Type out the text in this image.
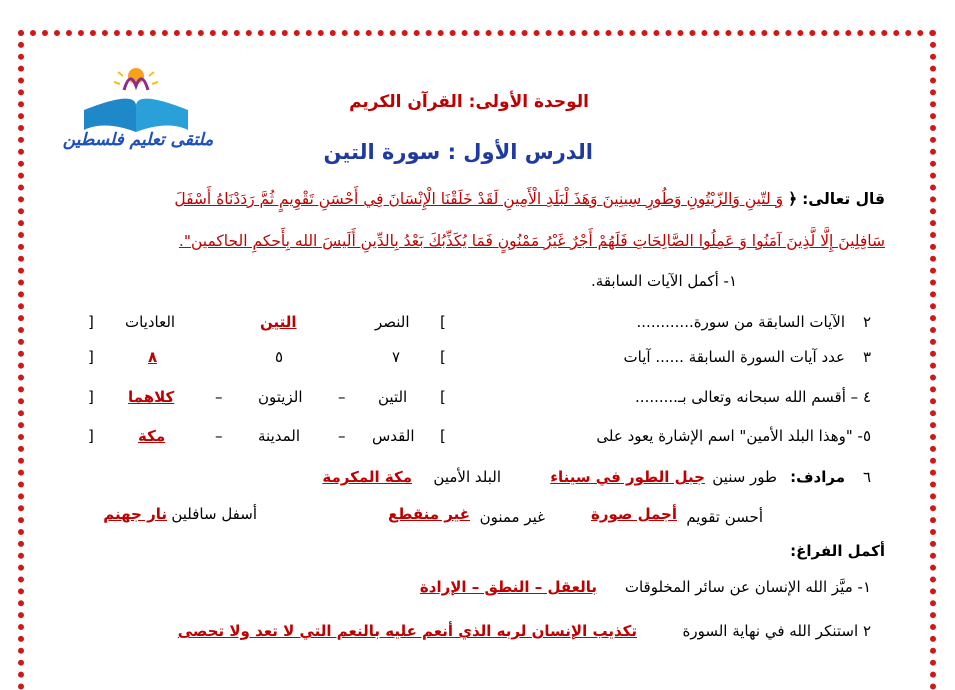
ملتقى تعليم فلسطين
الوحدة الأولى: القرآن الكريم
الدرس الأول : سورة التين
قال تعالى: ﴿ وَ لتّينِ وَالزّيْتُونِ وَطُورِ سِينِينَ وَهَذَ لْبَلَدِ الْأَمِينِ لَقَدْ خَلَقْنَا الْإِنْسَانَ فِي أَحْسَنِ تَقْوِيمٍ ثُمَّ رَدَدْنَاهُ أَسْفَلَ
سَافِلِينَ إِلَّا لَّذِينَ آمَنُوا وَ عَمِلُوا الصَّالِحَاتِ فَلَهُمْ أَجْرٌ غَيْرُ مَمْنُونٍ فَمَا يُكَذِّبُكَ بَعْدُ بِالدِّينِ أَلَيسَ الله بِأَحكمِ الحاكمين".
١- أكمل الآيات السابقة.
٢
الآيات السابقة من سورة............
]
النصر
التين
العاديات
[
٣
عدد آيات السورة السابقة ...... آيات
]
٧
٥
٨
[
٤ – أقسم الله سبحانه وتعالى بـ.........
]
التين
–
الزيتون
–
كلاهما
[
٥- "وهذا البلد الأمين" اسم الإشارة يعود على
]
القدس
–
المدينة
–
مكة
[
٦
مرادف:
طور سنين
جبل الطور في سيناء
البلد الأمين
مكة المكرمة
أحسن تقويم
أجمل صورة
غير ممنون
غير منقطع
أسفل سافلين
نار جهنم
أكمل الفراغ:
١- ميَّز الله الإنسان عن سائر المخلوقات
بالعقل – النطق – الإرادة
٢ استنكر الله في نهاية السورة
تكذيب الإنسان لربه الذي أنعم عليه بالنعم التي لا تعد ولا تحصى
